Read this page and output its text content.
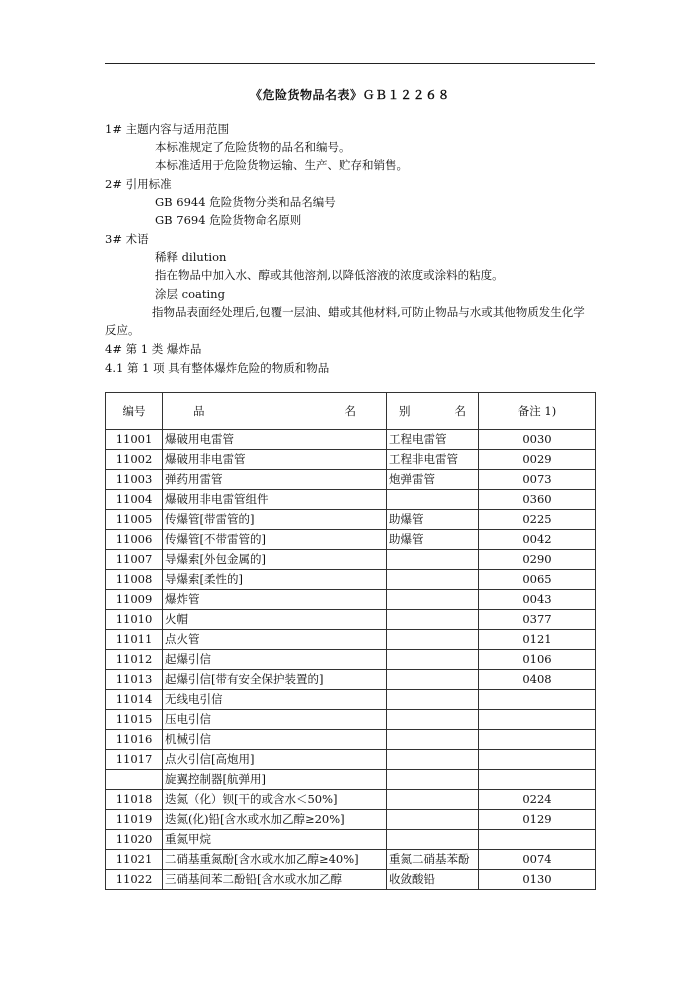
《危险货物品名表》ＧＢ１２２６８
1# 主题内容与适用范围
本标准规定了危险货物的品名和编号。
本标准适用于危险货物运输、生产、贮存和销售。
2# 引用标准
GB 6944 危险货物分类和品名编号
GB 7694 危险货物命名原则
3# 术语
稀释 dilution
指在物品中加入水、醇或其他溶剂,以降低溶液的浓度或涂料的粘度。
涂层 coating
指物品表面经处理后,包覆一层油、蜡或其他材料,可防止物品与水或其他物质发生化学
反应。
4# 第 1 类 爆炸品
4.1 第 1 项 具有整体爆炸危险的物质和物品
编号	品 名	别 名	备注 1)
11001	爆破用电雷管	工程电雷管	0030
11002	爆破用非电雷管	工程非电雷管	0029
11003	弹药用雷管	炮弹雷管	0073
11004	爆破用非电雷管组件		0360
11005	传爆管[带雷管的]	助爆管	0225
11006	传爆管[不带雷管的]	助爆管	0042
11007	导爆索[外包金属的]		0290
11008	导爆索[柔性的]		0065
11009	爆炸管		0043
11010	火帽		0377
11011	点火管		0121
11012	起爆引信		0106
11013	起爆引信[带有安全保护装置的]		0408
11014	无线电引信		
11015	压电引信		
11016	机械引信		
11017	点火引信[高炮用]		
	旋翼控制器[航弹用]		
11018	迭氮（化）钡[干的或含水＜50%]		0224
11019	迭氮(化)铅[含水或水加乙醇≥20%]		0129
11020	重氮甲烷		
11021	二硝基重氮酚[含水或水加乙醇≥40%]	重氮二硝基苯酚	0074
11022	三硝基间苯二酚铅[含水或水加乙醇	收敛酸铅	0130
